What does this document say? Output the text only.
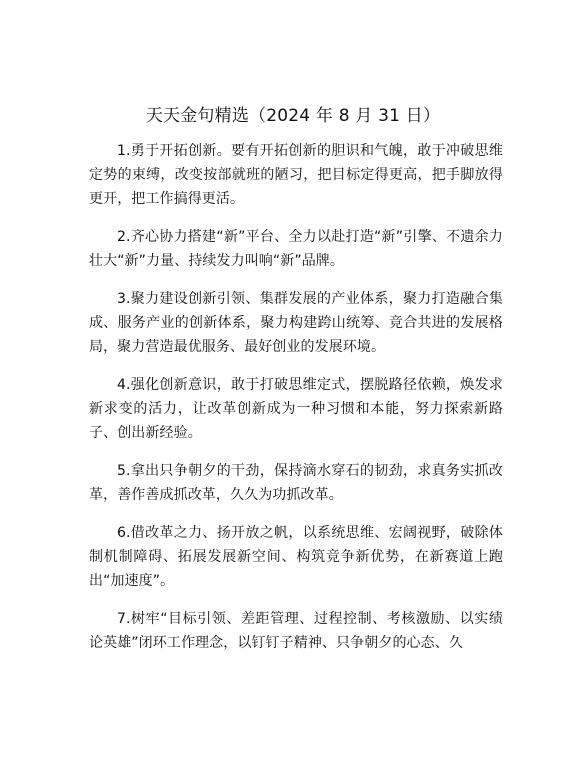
天天金句精选（2024 年 8 月 31 日）

1.勇于开拓创新。要有开拓创新的胆识和气魄，敢于冲破思维定势的束缚，改变按部就班的陋习，把目标定得更高，把手脚放得更开，把工作搞得更活。

2.齐心协力搭建“新”平台、全力以赴打造“新”引擎、不遗余力壮大“新”力量、持续发力叫响“新”品牌。

3.聚力建设创新引领、集群发展的产业体系，聚力打造融合集成、服务产业的创新体系，聚力构建跨山统筹、竞合共进的发展格局，聚力营造最优服务、最好创业的发展环境。

4.强化创新意识，敢于打破思维定式，摆脱路径依赖，焕发求新求变的活力，让改革创新成为一种习惯和本能，努力探索新路子、创出新经验。

5.拿出只争朝夕的干劲，保持滴水穿石的韧劲，求真务实抓改革，善作善成抓改革，久久为功抓改革。

6.借改革之力、扬开放之帆，以系统思维、宏阔视野，破除体制机制障碍、拓展发展新空间、构筑竞争新优势，在新赛道上跑出“加速度”。

7.树牢“目标引领、差距管理、过程控制、考核激励、以实绩论英雄”闭环工作理念，以钉钉子精神、只争朝夕的心态、久
